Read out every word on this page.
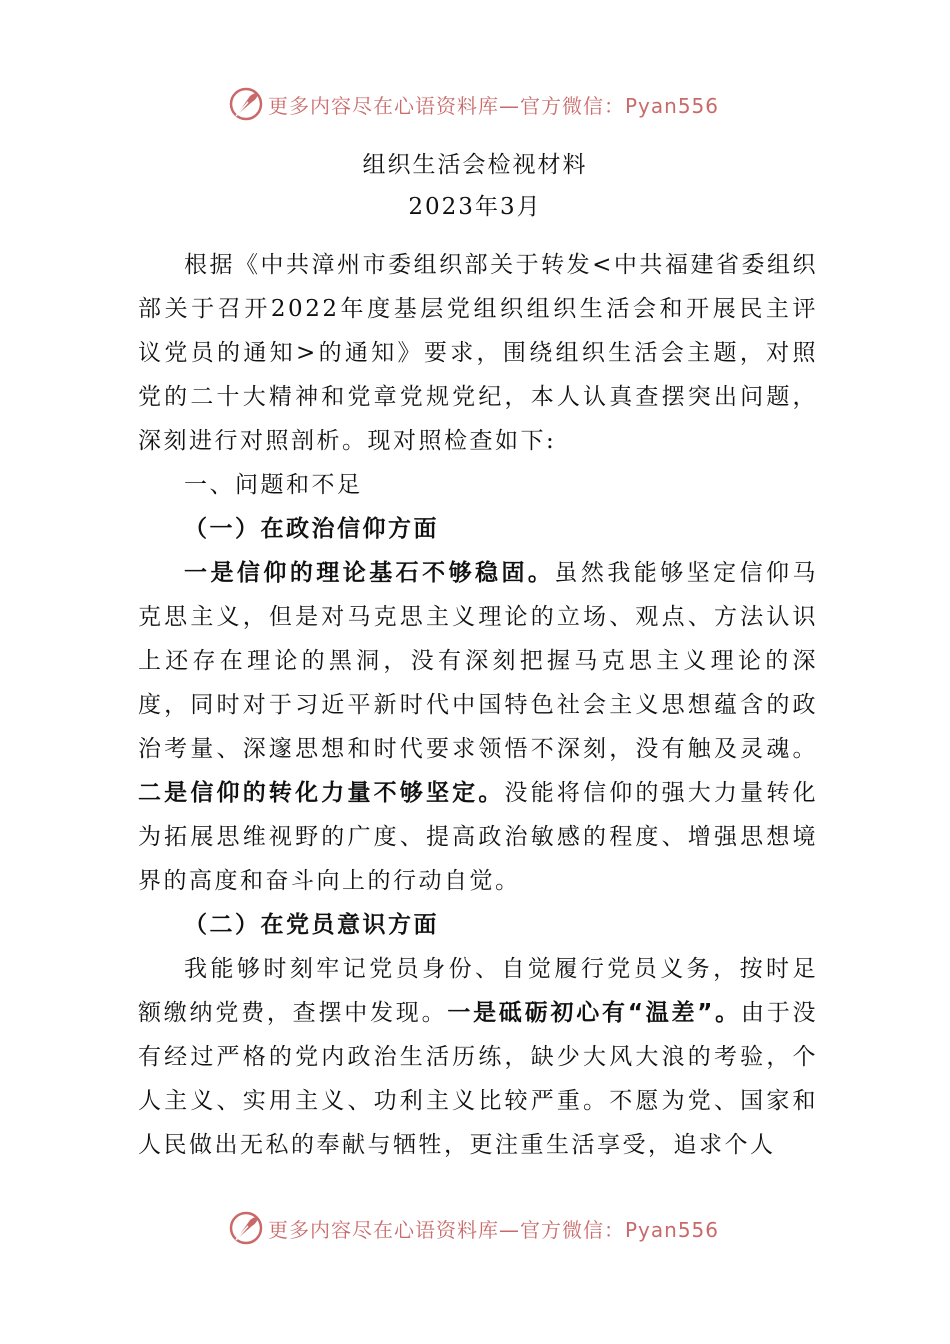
更多内容尽在心语资料库—官方微信：Pyan556
组织生活会检视材料
2023年3月

根据《中共漳州市委组织部关于转发<中共福建省委组织部关于召开2022年度基层党组织组织生活会和开展民主评议党员的通知>的通知》要求，围绕组织生活会主题，对照党的二十大精神和党章党规党纪，本人认真查摆突出问题，深刻进行对照剖析。现对照检查如下:

一、问题和不足

（一）在政治信仰方面

一是信仰的理论基石不够稳固。虽然我能够坚定信仰马克思主义，但是对马克思主义理论的立场、观点、方法认识上还存在理论的黑洞，没有深刻把握马克思主义理论的深度，同时对于习近平新时代中国特色社会主义思想蕴含的政治考量、深邃思想和时代要求领悟不深刻，没有触及灵魂。二是信仰的转化力量不够坚定。没能将信仰的强大力量转化为拓展思维视野的广度、提高政治敏感的程度、增强思想境界的高度和奋斗向上的行动自觉。

（二）在党员意识方面

我能够时刻牢记党员身份、自觉履行党员义务，按时足额缴纳党费，查摆中发现。一是砥砺初心有“温差”。由于没有经过严格的党内政治生活历练，缺少大风大浪的考验，个人主义、实用主义、功利主义比较严重。不愿为党、国家和人民做出无私的奉献与牺牲，更注重生活享受，追求个人

更多内容尽在心语资料库—官方微信：Pyan556
